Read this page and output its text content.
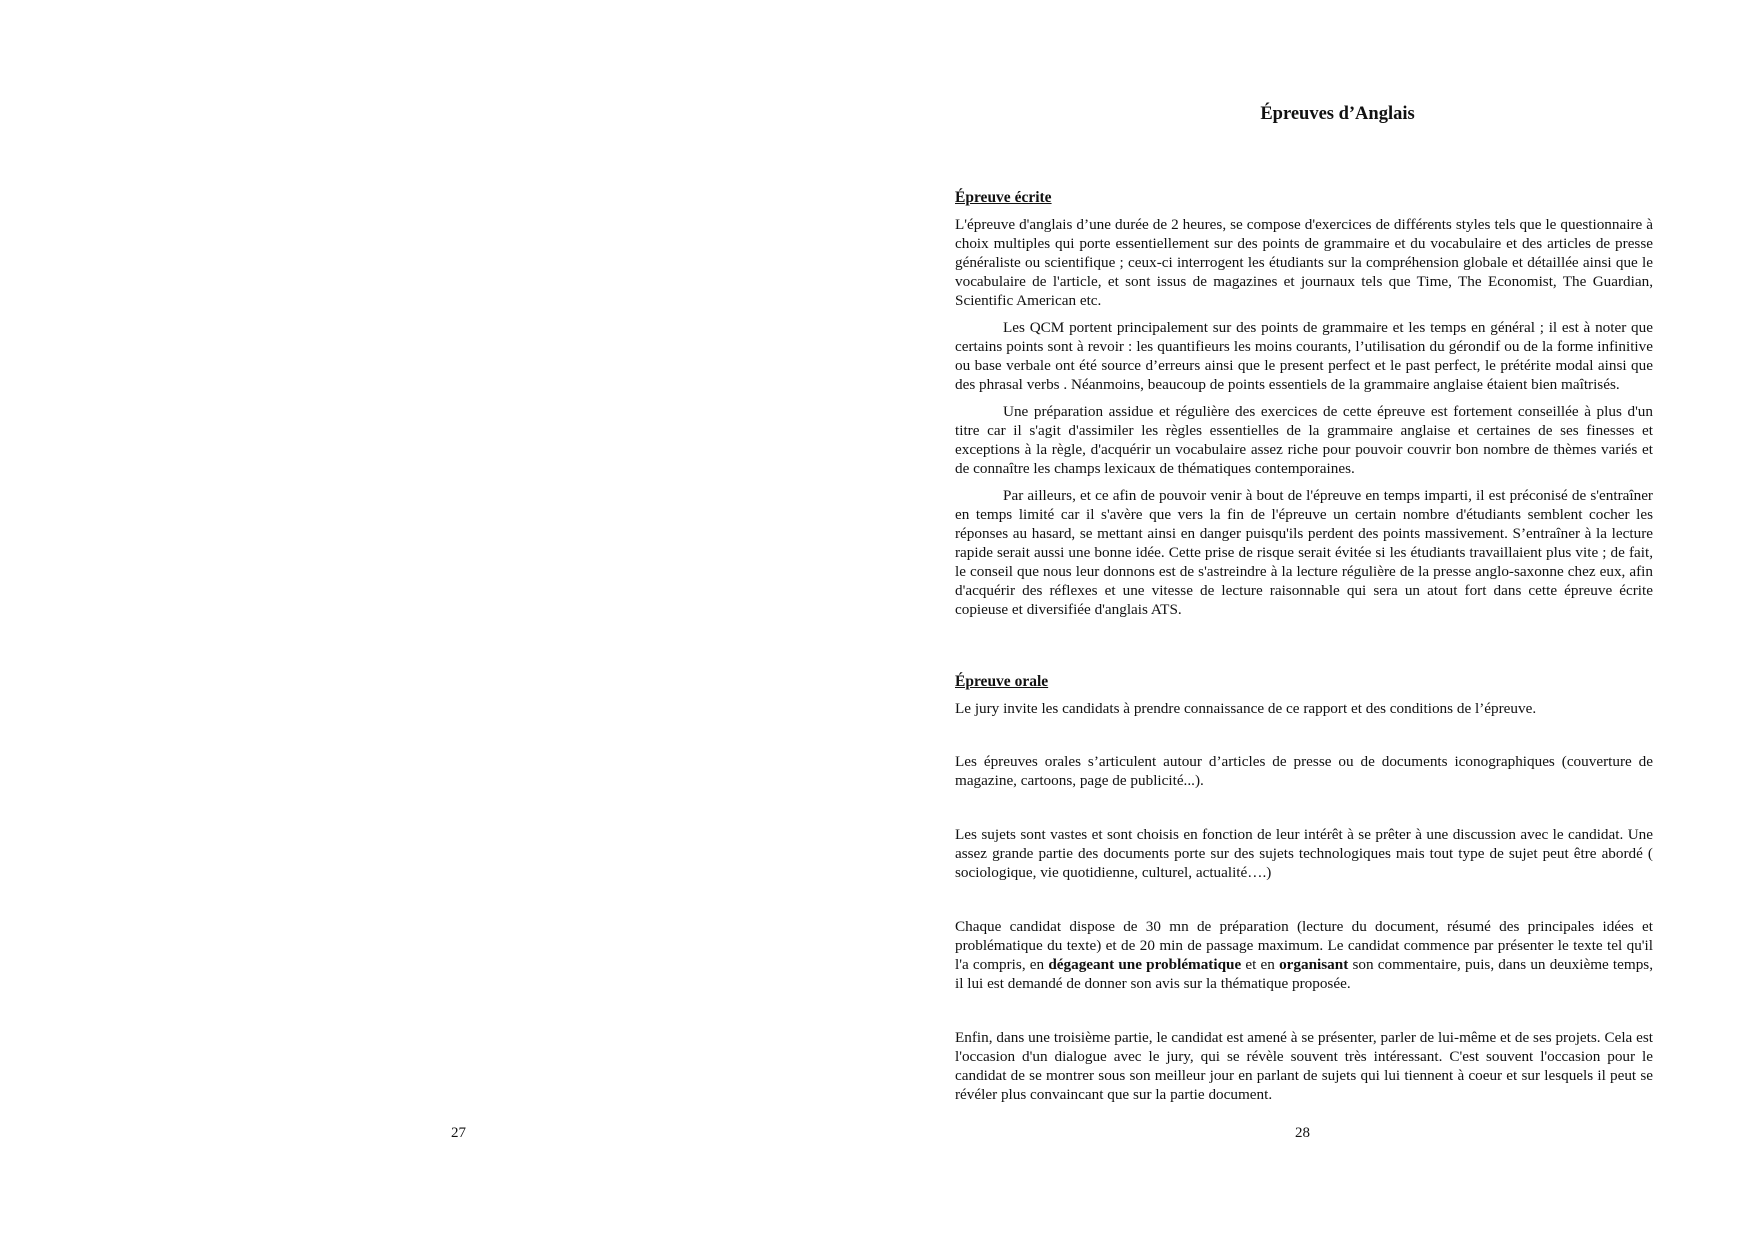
27
Épreuves d’Anglais
Épreuve écrite

L'épreuve d'anglais d’une durée de 2 heures, se compose d'exercices de différents styles tels que le questionnaire à choix multiples qui porte essentiellement sur des points de grammaire et du vocabulaire et des articles de presse généraliste ou scientifique ; ceux-ci interrogent les étudiants sur la compréhension globale et détaillée ainsi que le vocabulaire de l'article, et sont issus de magazines et journaux tels que Time, The Economist, The Guardian, Scientific American etc.

Les QCM portent principalement sur des points de grammaire et les temps en général ; il est à noter que certains points sont à revoir : les quantifieurs les moins courants, l’utilisation du gérondif ou de la forme infinitive ou base verbale ont été source d’erreurs ainsi que le present perfect et le past perfect, le prétérite modal ainsi que des phrasal verbs . Néanmoins, beaucoup de points essentiels de la grammaire anglaise étaient bien maîtrisés.

Une préparation assidue et régulière des exercices de cette épreuve est fortement conseillée à plus d'un titre car il s'agit d'assimiler les règles essentielles de la grammaire anglaise et certaines de ses finesses et exceptions à la règle, d'acquérir un vocabulaire assez riche pour pouvoir couvrir bon nombre de thèmes variés et de connaître les champs lexicaux de thématiques contemporaines.

Par ailleurs, et ce afin de pouvoir venir à bout de l'épreuve en temps imparti, il est préconisé de s'entraîner en temps limité car il s'avère que vers la fin de l'épreuve un certain nombre d'étudiants semblent cocher les réponses au hasard, se mettant ainsi en danger puisqu'ils perdent des points massivement. S’entraîner à la lecture rapide serait aussi une bonne idée. Cette prise de risque serait évitée si les étudiants travaillaient plus vite ; de fait, le conseil que nous leur donnons est de s'astreindre à la lecture régulière de la presse anglo-saxonne chez eux, afin d'acquérir des réflexes et une vitesse de lecture raisonnable qui sera un atout fort dans cette épreuve écrite copieuse et diversifiée d'anglais ATS.

Épreuve orale

Le jury invite les candidats à prendre connaissance de ce rapport et des conditions de l’épreuve.

Les épreuves orales s’articulent autour d’articles de presse ou de documents iconographiques (couverture de magazine, cartoons, page de publicité...).

Les sujets sont vastes et sont choisis en fonction de leur intérêt à se prêter à une discussion avec le candidat. Une assez grande partie des documents porte sur des sujets technologiques mais tout type de sujet peut être abordé ( sociologique, vie quotidienne, culturel, actualité….)

Chaque candidat dispose de 30 mn de préparation (lecture du document, résumé des principales idées et problématique du texte) et de 20 min de passage maximum. Le candidat commence par présenter le texte tel qu'il l'a compris, en dégageant une problématique et en organisant son commentaire, puis, dans un deuxième temps, il lui est demandé de donner son avis sur la thématique proposée.

Enfin, dans une troisième partie, le candidat est amené à se présenter, parler de lui-même et de ses projets. Cela est l'occasion d'un dialogue avec le jury, qui se révèle souvent très intéressant. C'est souvent l'occasion pour le candidat de se montrer sous son meilleur jour en parlant de sujets qui lui tiennent à coeur et sur lesquels il peut se révéler plus convaincant que sur la partie document.

28
